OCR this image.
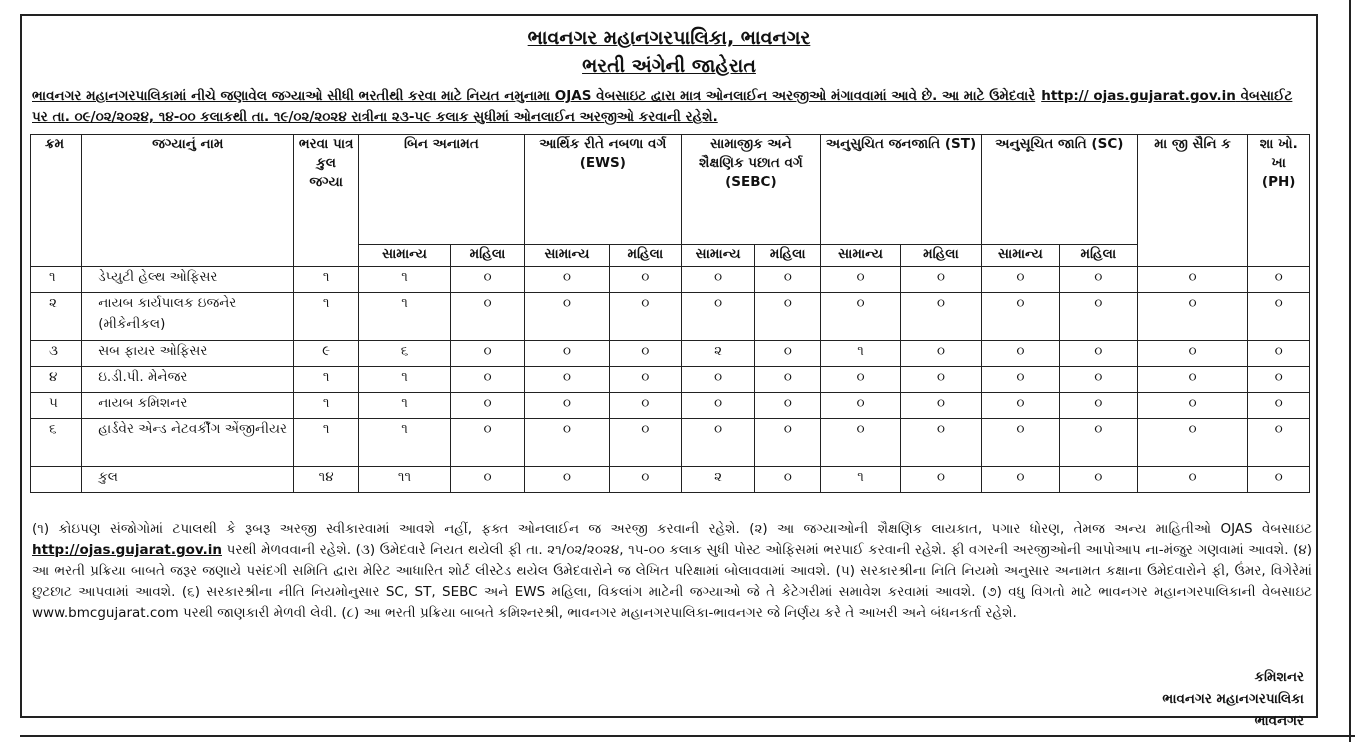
ભાવનગર મહાનગરપાલિકા, ભાવનગર
ભરતી અંગેની જાહેરાત
ભાવનગર મહાનગરપાલિકામાં નીચે જણાવેલ જગ્યાઓ સીધી ભરતીથી કરવા માટે નિયત નમુનામા OJAS વેબસાઇટ દ્વારા માત્ર ઓનલાઈન અરજીઓ મંગાવવામાં આવે છે. આ માટે ઉમેદવારે http:// ojas.gujarat.gov.in વેબસાઈટ પર તા. ૦૯/૦૨/૨૦૨૪, ૧૪-૦૦ કલાકથી તા. ૧૯/૦૨/૨૦૨૪ રાત્રીના ૨૩-૫૯ કલાક સુધીમાં ઓનલાઈન અરજીઓ કરવાની રહેશે.
ક્રમ	જગ્યાનું નામ	ભરવા પાત્ર કુલ જગ્યા	બિન અનામત		આર્થિક રીતે નબળા વર્ગ (EWS)		સામાજીક અને શૈક્ષણિક પછાત વર્ગ (SEBC)		અનુસુચિત જનજાતિ (ST)		અનુસૂચિત જાતિ (SC)		મા જી સૈનિ ક	શા ખો. ખા (PH)
			સામાન્ય	મહિલા	સામાન્ય	મહિલા	સામાન્ય	મહિલા	સામાન્ય	મહિલા	સામાન્ય	મહિલા		
૧	ડેપ્યુટી હેલ્થ ઓફિસર	૧	૧	૦	૦	૦	૦	૦	૦	૦	૦	૦	૦	૦
૨	નાયબ કાર્યપાલક ઇજનેર (મીકેનીકલ)	૧	૧	૦	૦	૦	૦	૦	૦	૦	૦	૦	૦	૦
૩	સબ ફાયર ઓફિસર	૯	૬	૦	૦	૦	૨	૦	૧	૦	૦	૦	૦	૦
૪	ઇ.ડી.પી. મેનેજર	૧	૧	૦	૦	૦	૦	૦	૦	૦	૦	૦	૦	૦
૫	નાયબ કમિશનર	૧	૧	૦	૦	૦	૦	૦	૦	૦	૦	૦	૦	૦
૬	હાર્ડવેર એન્ડ નેટવર્કીંગ એંજીનીયર	૧	૧	૦	૦	૦	૦	૦	૦	૦	૦	૦	૦	૦
	કુલ	૧૪	૧૧	૦	૦	૦	૨	૦	૧	૦	૦	૦	૦	૦
(૧) કોઇપણ સંજોગોમાં ટપાલથી કે રૂબરૂ અરજી સ્વીકારવામાં આવશે નહીં, ફક્ત ઓનલાઈન જ અરજી કરવાની રહેશે. (૨) આ જગ્યાઓની શૈક્ષણિક લાયકાત, પગાર ધોરણ, તેમજ અન્ય માહિતીઓ OJAS વેબસાઇટ http://ojas.gujarat.gov.in પરથી મેળવવાની રહેશે. (૩) ઉમેદવારે નિયત થયેલી ફી તા. ૨૧/૦૨/૨૦૨૪, ૧૫-૦૦ કલાક સુધી પોસ્ટ ઓફિસમાં ભરપાઈ કરવાની રહેશે. ફી વગરની અરજીઓની આપોઆપ ના-મંજુર ગણવામાં આવશે. (૪) આ ભરતી પ્રક્રિયા બાબતે જરૂર જણાયે પસંદગી સમિતિ દ્વારા મેરિટ આધારિત શોર્ટ લીસ્ટેડ થયેલ ઉમેદવારોને જ લેખિત પરિક્ષામાં બોલાવવામાં આવશે. (૫) સરકારશ્રીના નિતિ નિયમો અનુસાર અનામત કક્ષાના ઉમેદવારોને ફી, ઉંમર, વિગેરેમાં છુટછાટ આપવામાં આવશે. (૬) સરકારશ્રીના નીતિ નિયમોનુસાર SC, ST, SEBC અને EWS મહિલા, વિકલાંગ માટેની જગ્યાઓ જે તે કેટેગરીમાં સમાવેશ કરવામાં આવશે. (૭) વધુ વિગતો માટે ભાવનગર મહાનગરપાલિકાની વેબસાઇટ www.bmcgujarat.com પરથી જાણકારી મેળવી લેવી. (૮) આ ભરતી પ્રક્રિયા બાબતે કમિશ્નરશ્રી, ભાવનગર મહાનગરપાલિકા-ભાવનગર જે નિર્ણય કરે તે આખરી અને બંધનકર્તા રહેશે.
કમિશનર
ભાવનગર મહાનગરપાલિકા
ભાવનગર
